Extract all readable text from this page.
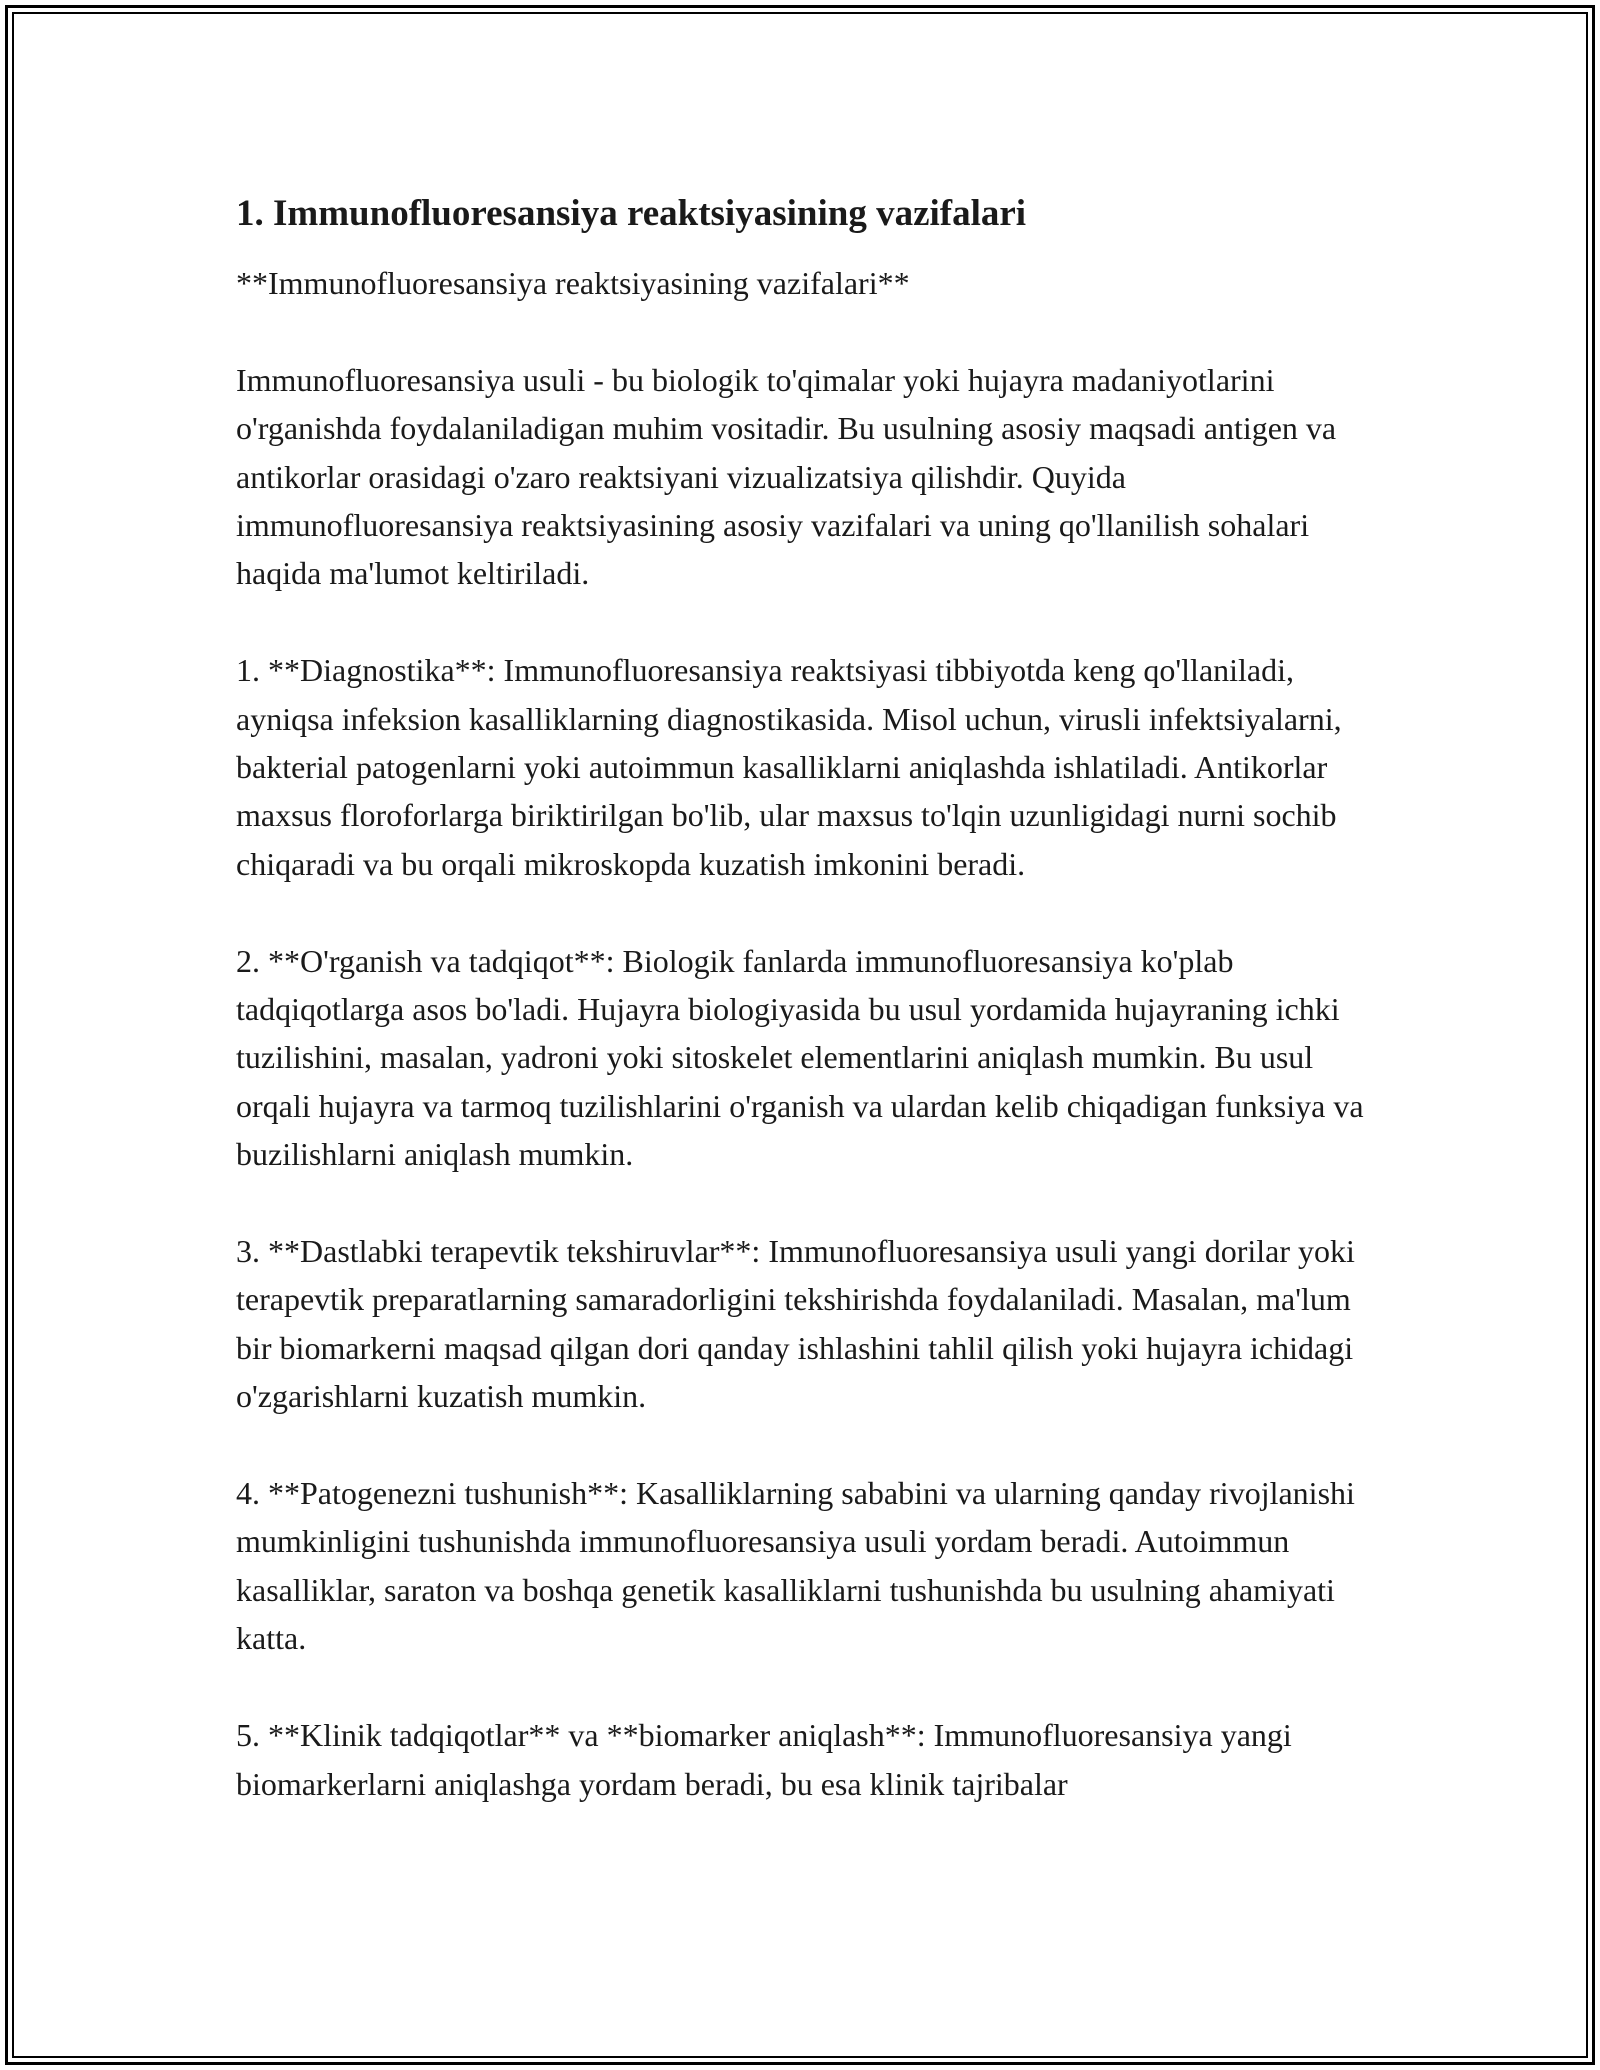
1. Immunofluoresansiya reaktsiyasining vazifalari

**Immunofluoresansiya reaktsiyasining vazifalari**

Immunofluoresansiya usuli - bu biologik to'qimalar yoki hujayra madaniyotlarini o'rganishda foydalaniladigan muhim vositadir. Bu usulning asosiy maqsadi antigen va antikorlar orasidagi o'zaro reaktsiyani vizualizatsiya qilishdir. Quyida immunofluoresansiya reaktsiyasining asosiy vazifalari va uning qo'llanilish sohalari haqida ma'lumot keltiriladi.

1. **Diagnostika**: Immunofluoresansiya reaktsiyasi tibbiyotda keng qo'llaniladi, ayniqsa infeksion kasalliklarning diagnostikasida. Misol uchun, virusli infektsiyalarni, bakterial patogenlarni yoki autoimmun kasalliklarni aniqlashda ishlatiladi. Antikorlar maxsus floroforlarga biriktirilgan bo'lib, ular maxsus to'lqin uzunligidagi nurni sochib chiqaradi va bu orqali mikroskopda kuzatish imkonini beradi.

2. **O'rganish va tadqiqot**: Biologik fanlarda immunofluoresansiya ko'plab tadqiqotlarga asos bo'ladi. Hujayra biologiyasida bu usul yordamida hujayraning ichki tuzilishini, masalan, yadroni yoki sitoskelet elementlarini aniqlash mumkin. Bu usul orqali hujayra va tarmoq tuzilishlarini o'rganish va ulardan kelib chiqadigan funksiya va buzilishlarni aniqlash mumkin.

3. **Dastlabki terapevtik tekshiruvlar**: Immunofluoresansiya usuli yangi dorilar yoki terapevtik preparatlarning samaradorligini tekshirishda foydalaniladi. Masalan, ma'lum bir biomarkerni maqsad qilgan dori qanday ishlashini tahlil qilish yoki hujayra ichidagi o'zgarishlarni kuzatish mumkin.

4. **Patogenezni tushunish**: Kasalliklarning sababini va ularning qanday rivojlanishi mumkinligini tushunishda immunofluoresansiya usuli yordam beradi. Autoimmun kasalliklar, saraton va boshqa genetik kasalliklarni tushunishda bu usulning ahamiyati katta.

5. **Klinik tadqiqotlar** va **biomarker aniqlash**: Immunofluoresansiya yangi biomarkerlarni aniqlashga yordam beradi, bu esa klinik tajribalar
